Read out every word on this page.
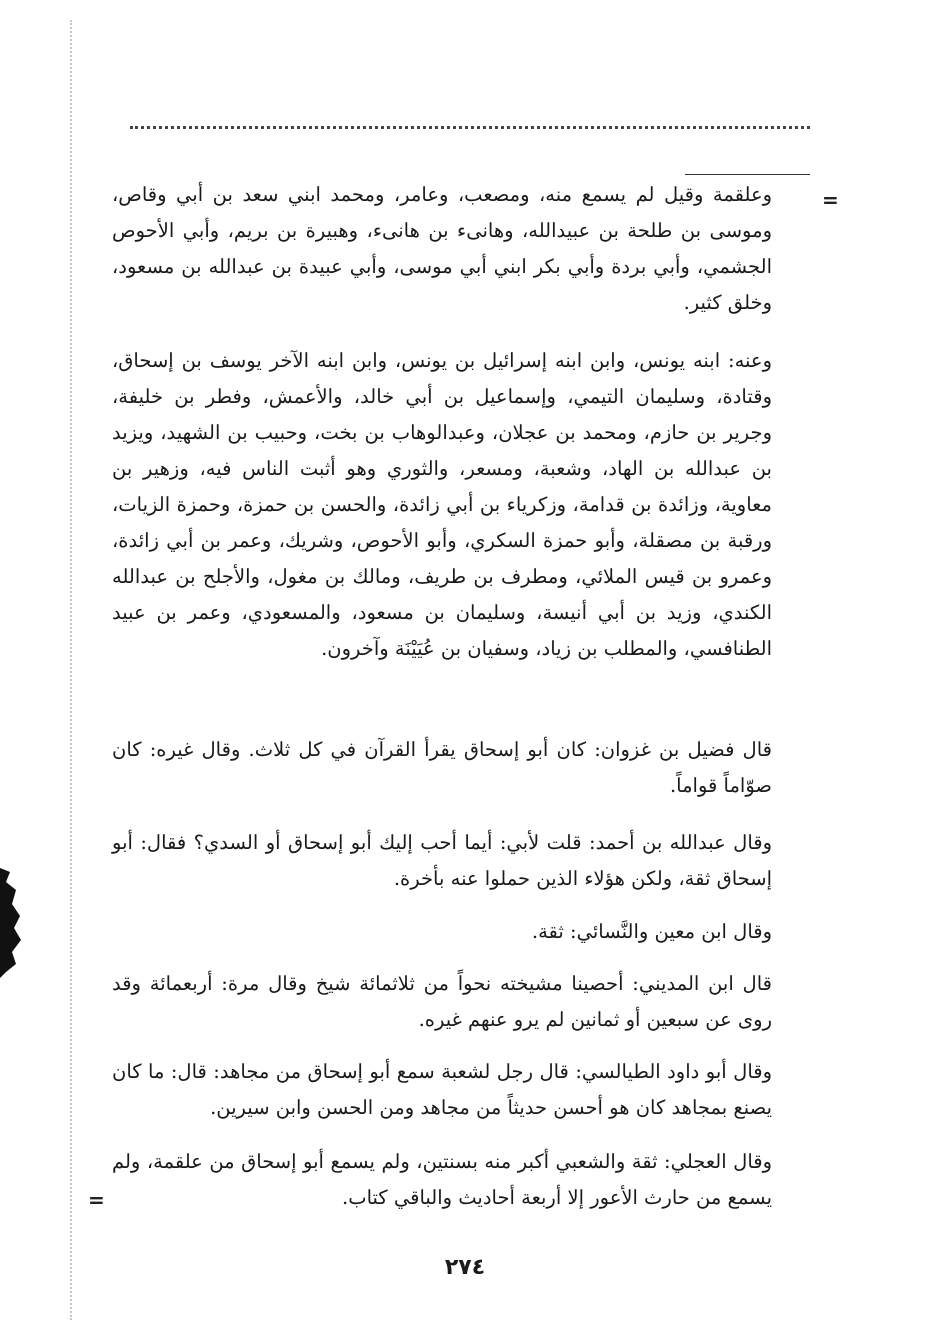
=
وعلقمة وقيل لم يسمع منه، ومصعب، وعامر، ومحمد ابني سعد بن أبي وقاص، وموسى بن طلحة بن عبيدالله، وهانىء بن هانىء، وهبيرة بن بريم، وأبي الأحوص الجشمي، وأبي بردة وأبي بكر ابني أبي موسى، وأبي عبيدة بن عبدالله بن مسعود، وخلق كثير.
وعنه: ابنه يونس، وابن ابنه إسرائيل بن يونس، وابن ابنه الآخر يوسف بن إسحاق، وقتادة، وسليمان التيمي، وإسماعيل بن أبي خالد، والأعمش، وفطر بن خليفة، وجرير بن حازم، ومحمد بن عجلان، وعبدالوهاب بن بخت، وحبيب بن الشهيد، ويزيد بن عبدالله بن الهاد، وشعبة، ومسعر، والثوري وهو أثبت الناس فيه، وزهير بن معاوية، وزائدة بن قدامة، وزكرياء بن أبي زائدة، والحسن بن حمزة، وحمزة الزيات، ورقبة بن مصقلة، وأبو حمزة السكري، وأبو الأحوص، وشريك، وعمر بن أبي زائدة، وعمرو بن قيس الملائي، ومطرف بن طريف، ومالك بن مغول، والأجلح بن عبدالله الكندي، وزيد بن أبي أنيسة، وسليمان بن مسعود، والمسعودي، وعمر بن عبيد الطنافسي، والمطلب بن زياد، وسفيان بن عُيَيْنَة وآخرون.
قال فضيل بن غزوان: كان أبو إسحاق يقرأ القرآن في كل ثلاث. وقال غيره: كان صوّاماً قواماً.
وقال عبدالله بن أحمد: قلت لأبي: أيما أحب إليك أبو إسحاق أو السدي؟ فقال: أبو إسحاق ثقة، ولكن هؤلاء الذين حملوا عنه بأخرة.
وقال ابن معين والنَّسائي: ثقة.
قال ابن المديني: أحصينا مشيخته نحواً من ثلاثمائة شيخ وقال مرة: أربعمائة وقد روى عن سبعين أو ثمانين لم يرو عنهم غيره.
وقال أبو داود الطيالسي: قال رجل لشعبة سمع أبو إسحاق من مجاهد: قال: ما كان يصنع بمجاهد كان هو أحسن حديثاً من مجاهد ومن الحسن وابن سيرين.
وقال العجلي: ثقة والشعبي أكبر منه بسنتين، ولم يسمع أبو إسحاق من علقمة، ولم يسمع من حارث الأعور إلا أربعة أحاديث والباقي كتاب.
=
٢٧٤
